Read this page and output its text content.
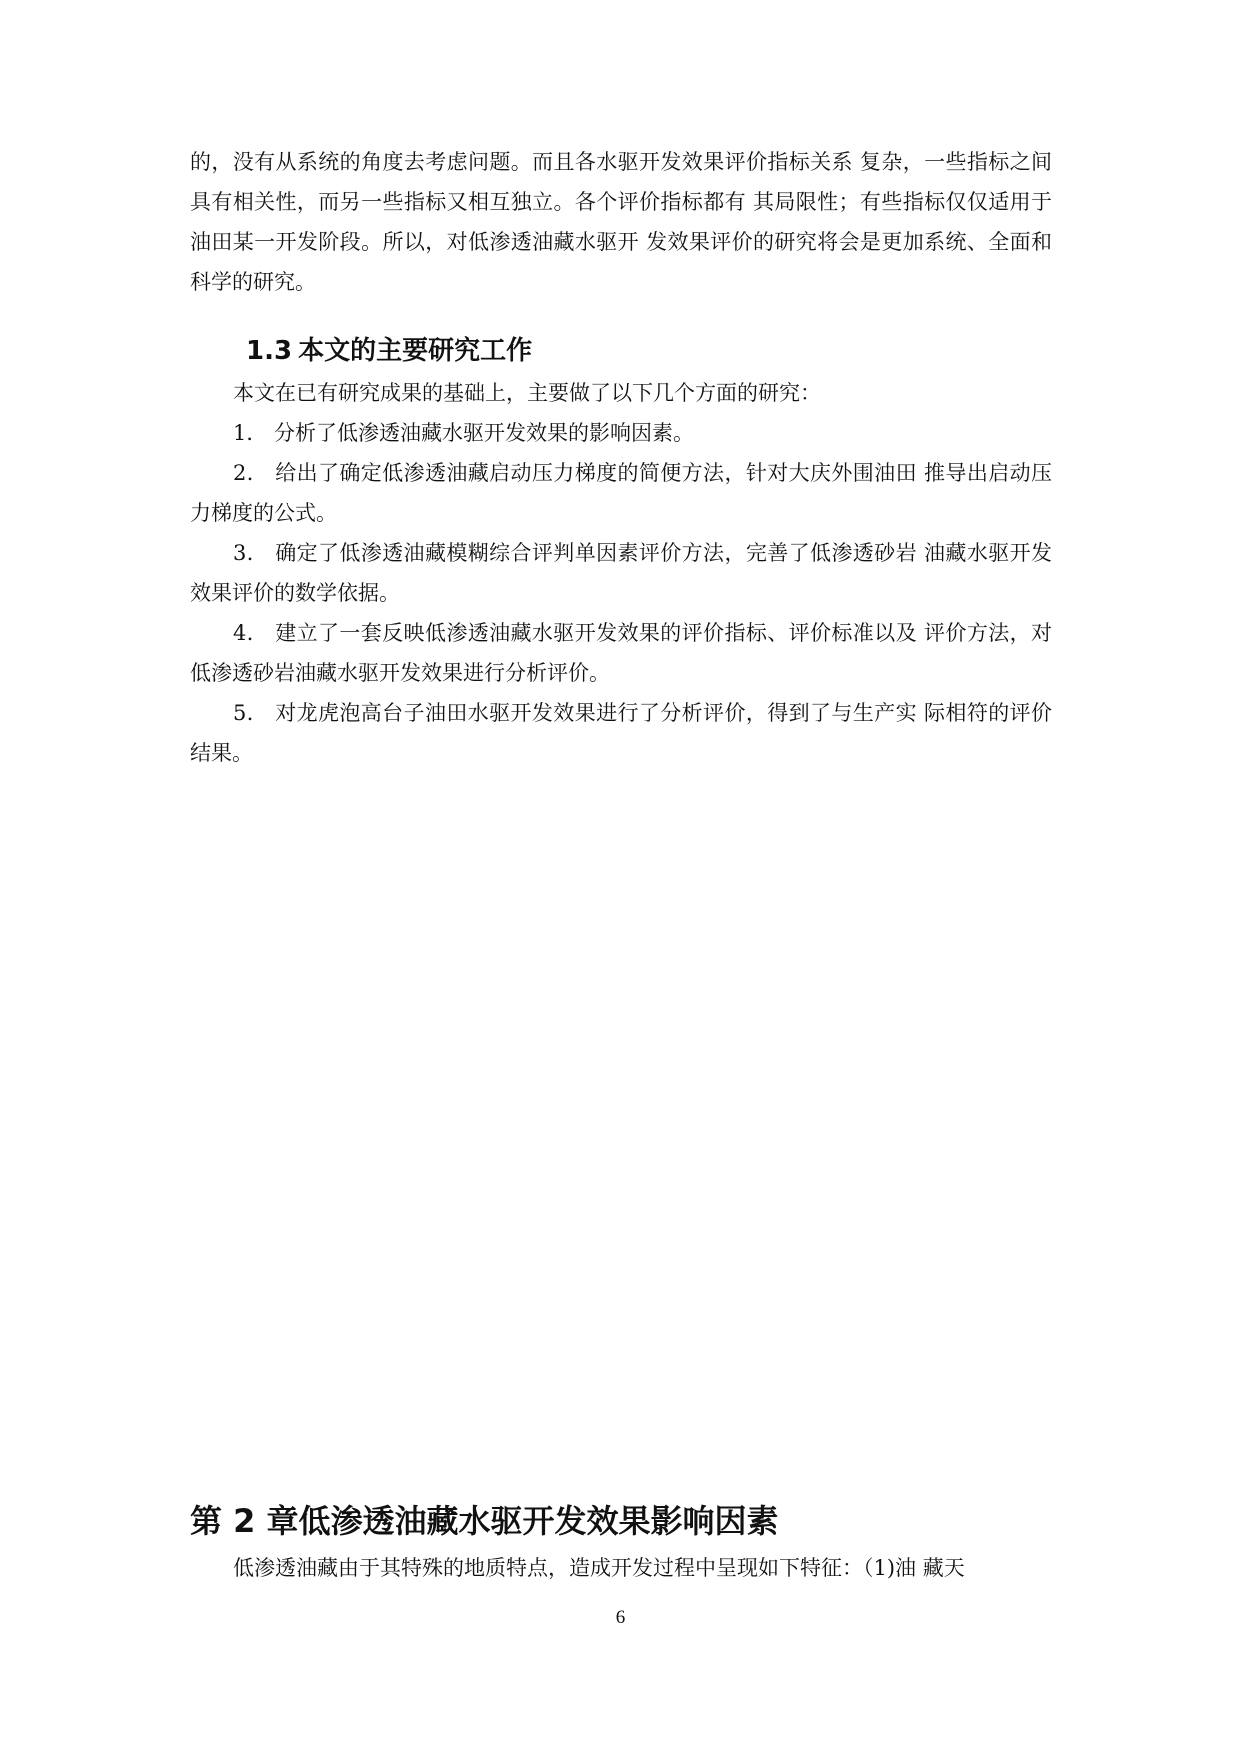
的，没有从系统的角度去考虑问题。而且各水驱开发效果评价指标关系 复杂，一些指标之间具有相关性，而另一些指标又相互独立。各个评价指标都有 其局限性；有些指标仅仅适用于油田某一开发阶段。所以，对低渗透油藏水驱开 发效果评价的研究将会是更加系统、全面和科学的研究。

1.3 本文的主要研究工作

本文在已有研究成果的基础上，主要做了以下几个方面的研究：

1． 分析了低渗透油藏水驱开发效果的影响因素。

2． 给出了确定低渗透油藏启动压力梯度的简便方法，针对大庆外围油田 推导出启动压力梯度的公式。

3． 确定了低渗透油藏模糊综合评判单因素评价方法，完善了低渗透砂岩 油藏水驱开发效果评价的数学依据。

4． 建立了一套反映低渗透油藏水驱开发效果的评价指标、评价标准以及 评价方法，对低渗透砂岩油藏水驱开发效果进行分析评价。

5． 对龙虎泡高台子油田水驱开发效果进行了分析评价，得到了与生产实 际相符的评价结果。

第 2 章低渗透油藏水驱开发效果影响因素

低渗透油藏由于其特殊的地质特点，造成开发过程中呈现如下特征：（1)油 藏天

6
